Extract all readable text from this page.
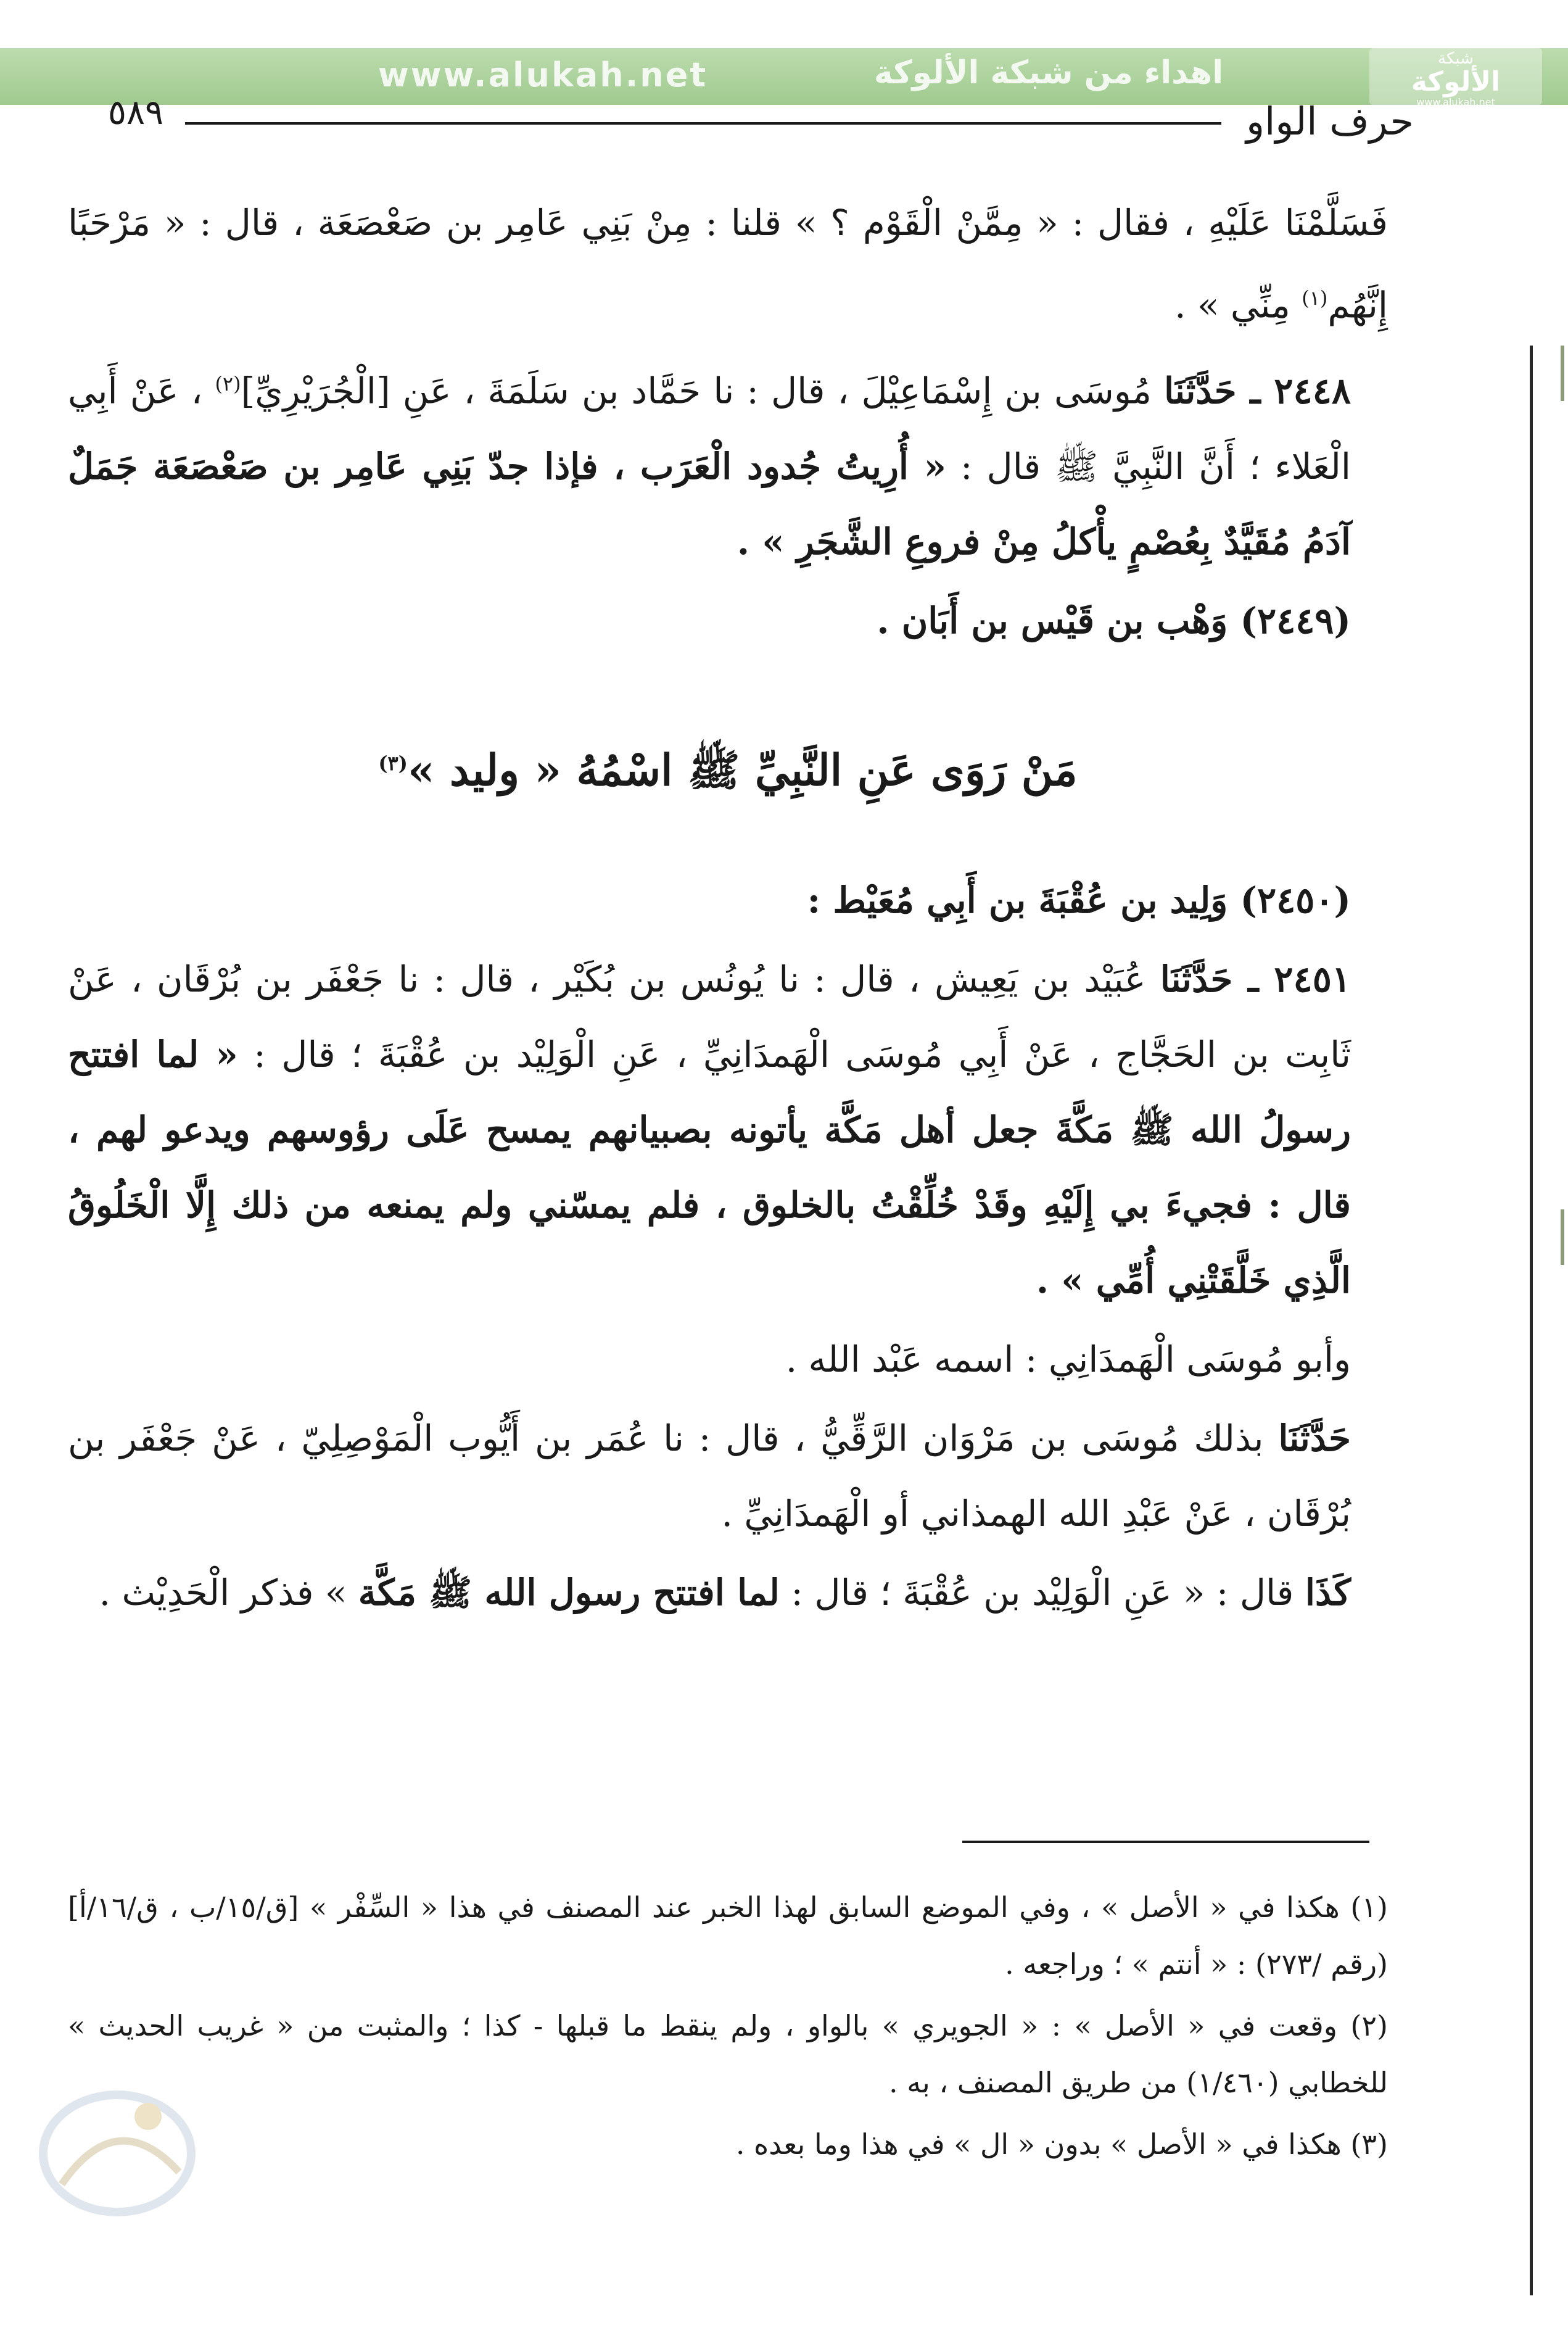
www.alukah.net	اهداء من شبكة الألوكة	شبكة
الألوكة
www.alukah.net
٥٨٩	حرف الواو

فَسَلَّمْنَا عَلَيْهِ ، فقال : « مِمَّنْ الْقَوْم ؟ » قلنا : مِنْ بَنِي عَامِر بن صَعْصَعَة ، قال : « مَرْحَبًا إِنَّهُم$^{(١)}$ مِنِّي » .

٢٤٤٨ ـ حَدَّثَنَا مُوسَى بن إِسْمَاعِيْلَ ، قال : نا حَمَّاد بن سَلَمَةَ ، عَنِ [الْجُرَيْرِيِّ]$^{(٢)}$ ، عَنْ أَبِي الْعَلاء ؛ أَنَّ النَّبِيَّ ﷺ قال : « أُرِيتُ جُدود الْعَرَب ، فإذا جدّ بَنِي عَامِر بن صَعْصَعَة جَمَلٌ آدَمُ مُقَيَّدٌ بِعُصْمٍ يأْكلُ مِنْ فروعِ الشَّجَرِ » .

(٢٤٤٩) وَهْب بن قَيْس بن أَبَان .

مَنْ رَوَى عَنِ النَّبِيِّ ﷺ اسْمُهُ « وليد »$^{(٣)}$

(٢٤٥٠) وَلِيد بن عُقْبَةَ بن أَبِي مُعَيْط :

٢٤٥١ ـ حَدَّثَنَا عُبَيْد بن يَعِيش ، قال : نا يُونُس بن بُكَيْر ، قال : نا جَعْفَر بن بُرْقَان ، عَنْ ثَابِت بن الحَجَّاج ، عَنْ أَبِي مُوسَى الْهَمدَانِيِّ ، عَنِ الْوَلِيْد بن عُقْبَةَ ؛ قال : « لما افتتح رسولُ الله ﷺ مَكَّةَ جعل أهل مَكَّة يأتونه بصبيانهم يمسح عَلَى رؤوسهم ويدعو لهم ، قال : فجيءَ بي إِلَيْهِ وقَدْ خُلِّقْتُ بالخلوق ، فلم يمسّني ولم يمنعه من ذلك إِلَّا الْخَلُوقُ الَّذِي خَلَّقَتْنِي أُمِّي » .

وأبو مُوسَى الْهَمدَانِي : اسمه عَبْد الله .

حَدَّثَنَا بذلك مُوسَى بن مَرْوَان الرَّقِّيُّ ، قال : نا عُمَر بن أَيُّوب الْمَوْصِلِيّ ، عَنْ جَعْفَر بن بُرْقَان ، عَنْ عَبْدِ الله الهمذاني أو الْهَمدَانِيِّ .

كَذَا قال : « عَنِ الْوَلِيْد بن عُقْبَةَ ؛ قال : لما افتتح رسول الله ﷺ مَكَّة » فذكر الْحَدِيْث .

(١) هكذا في « الأصل » ، وفي الموضع السابق لهذا الخبر عند المصنف في هذا « السِّفْر » [ق/١٥/ب ، ق/١٦/أ] (رقم /٢٧٣) : « أنتم » ؛ وراجعه .

(٢) وقعت في « الأصل » : « الجويري » بالواو ، ولم ينقط ما قبلها - كذا ؛ والمثبت من « غريب الحديث » للخطابي (١/٤٦٠) من طريق المصنف ، به .

(٣) هكذا في « الأصل » بدون « ال » في هذا وما بعده .
